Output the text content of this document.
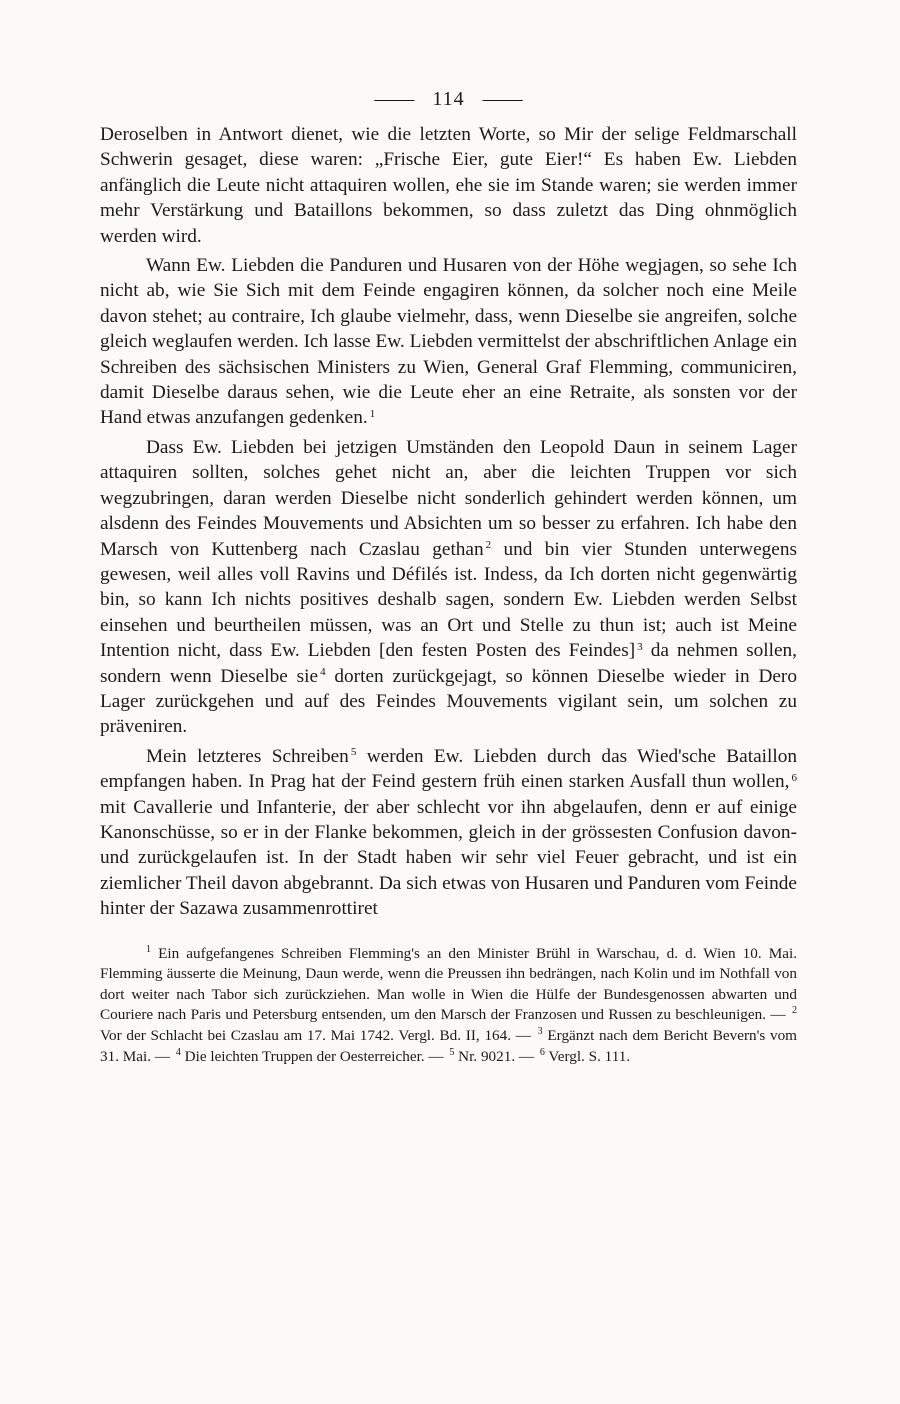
—— 114 ——

Deroselben in Antwort dienet, wie die letzten Worte, so Mir der selige Feldmarschall Schwerin gesaget, diese waren: „Frische Eier, gute Eier!“ Es haben Ew. Liebden anfänglich die Leute nicht attaquiren wollen, ehe sie im Stande waren; sie werden immer mehr Verstärkung und Bataillons bekommen, so dass zuletzt das Ding ohnmöglich werden wird.

Wann Ew. Liebden die Panduren und Husaren von der Höhe wegjagen, so sehe Ich nicht ab, wie Sie Sich mit dem Feinde engagiren können, da solcher noch eine Meile davon stehet; au contraire, Ich glaube vielmehr, dass, wenn Dieselbe sie angreifen, solche gleich weglaufen werden. Ich lasse Ew. Liebden vermittelst der abschriftlichen Anlage ein Schreiben des sächsischen Ministers zu Wien, General Graf Flemming, communiciren, damit Dieselbe daraus sehen, wie die Leute eher an eine Retraite, als sonsten vor der Hand etwas anzufangen gedenken. $^1$

Dass Ew. Liebden bei jetzigen Umständen den Leopold Daun in seinem Lager attaquiren sollten, solches gehet nicht an, aber die leichten Truppen vor sich wegzubringen, daran werden Dieselbe nicht sonderlich gehindert werden können, um alsdenn des Feindes Mouvements und Absichten um so besser zu erfahren. Ich habe den Marsch von Kuttenberg nach Czaslau gethan $^2$ und bin vier Stunden unterwegens gewesen, weil alles voll Ravins und Défilés ist. Indess, da Ich dorten nicht gegenwärtig bin, so kann Ich nichts positives deshalb sagen, sondern Ew. Liebden werden Selbst einsehen und beurtheilen müssen, was an Ort und Stelle zu thun ist; auch ist Meine Intention nicht, dass Ew. Liebden [den festen Posten des Feindes] $^3$ da nehmen sollen, sondern wenn Dieselbe sie $^4$ dorten zurückgejagt, so können Dieselbe wieder in Dero Lager zurückgehen und auf des Feindes Mouvements vigilant sein, um solchen zu präveniren.

Mein letzteres Schreiben $^5$ werden Ew. Liebden durch das Wied'sche Bataillon empfangen haben. In Prag hat der Feind gestern früh einen starken Ausfall thun wollen, $^6$ mit Cavallerie und Infanterie, der aber schlecht vor ihn abgelaufen, denn er auf einige Kanonschüsse, so er in der Flanke bekommen, gleich in der grössesten Confusion davon- und zurückgelaufen ist. In der Stadt haben wir sehr viel Feuer gebracht, und ist ein ziemlicher Theil davon abgebrannt. Da sich etwas von Husaren und Panduren vom Feinde hinter der Sazawa zusammenrottiret

$^1$ Ein aufgefangenes Schreiben Flemming's an den Minister Brühl in Warschau, d. d. Wien 10. Mai. Flemming äusserte die Meinung, Daun werde, wenn die Preussen ihn bedrängen, nach Kolin und im Nothfall von dort weiter nach Tabor sich zurückziehen. Man wolle in Wien die Hülfe der Bundesgenossen abwarten und Couriere nach Paris und Petersburg entsenden, um den Marsch der Franzosen und Russen zu beschleunigen. — $^2$ Vor der Schlacht bei Czaslau am 17. Mai 1742. Vergl. Bd. II, 164. — $^3$ Ergänzt nach dem Bericht Bevern's vom 31. Mai. — $^4$ Die leichten Truppen der Oesterreicher. — $^5$ Nr. 9021. — $^6$ Vergl. S. 111.
